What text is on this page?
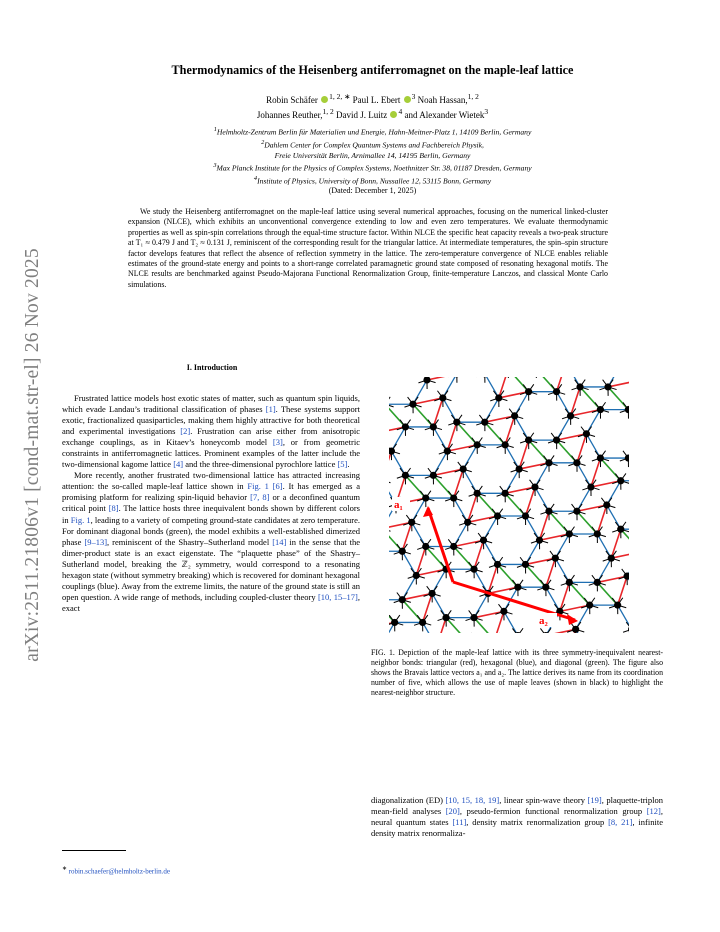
arXiv:2511.21806v1 [cond-mat.str-el] 26 Nov 2025
Thermodynamics of the Heisenberg antiferromagnet on the maple-leaf lattice
Robin Schäfer $^{1, 2, ∗}$ Paul L. Ebert $^3$ Noah Hassan,$^{1, 2}$
Johannes Reuther,$^{1, 2}$ David J. Luitz $^4$ and Alexander Wietek$^3$
$^1$Helmholtz-Zentrum Berlin für Materialien und Energie, Hahn-Meitner-Platz 1, 14109 Berlin, Germany
$^2$Dahlem Center for Complex Quantum Systems and Fachbereich Physik,
Freie Universität Berlin, Arnimallee 14, 14195 Berlin, Germany
$^3$Max Planck Institute for the Physics of Complex Systems, Noethnitzer Str. 38, 01187 Dresden, Germany
$^4$Institute of Physics, University of Bonn, Nussallee 12, 53115 Bonn, Germany
(Dated: December 1, 2025)
We study the Heisenberg antiferromagnet on the maple-leaf lattice using several numerical approaches, focusing on the numerical linked-cluster expansion (NLCE), which exhibits an unconventional convergence extending to low and even zero temperatures. We evaluate thermodynamic properties as well as spin-spin correlations through the equal-time structure factor. Within NLCE the specific heat capacity reveals a two-peak structure at T₁ ≈ 0.479 J and T₂ ≈ 0.131 J, reminiscent of the corresponding result for the triangular lattice. At intermediate temperatures, the spin–spin structure factor develops features that reflect the absence of reflection symmetry in the lattice. The zero-temperature convergence of NLCE enables reliable estimates of the ground-state energy and points to a short-range correlated paramagnetic ground state composed of resonating hexagonal motifs. The NLCE results are benchmarked against Pseudo-Majorana Functional Renormalization Group, finite-temperature Lanczos, and classical Monte Carlo simulations.
I. Introduction

Frustrated lattice models host exotic states of matter, such as quantum spin liquids, which evade Landau’s traditional classification of phases [1]. These systems support exotic, fractionalized quasiparticles, making them highly attractive for both theoretical and experimental investigations [2]. Frustration can arise either from anisotropic exchange couplings, as in Kitaev’s honeycomb model [3], or from geometric constraints in antiferromagnetic lattices. Prominent examples of the latter include the two-dimensional kagome lattice [4] and the three-dimensional pyrochlore lattice [5].

More recently, another frustrated two-dimensional lattice has attracted increasing attention: the so-called maple-leaf lattice shown in Fig. 1 [6]. It has emerged as a promising platform for realizing spin-liquid behavior [7, 8] or a deconfined quantum critical point [8]. The lattice hosts three inequivalent bonds shown by different colors in Fig. 1, leading to a variety of competing ground-state candidates at zero temperature. For dominant diagonal bonds (green), the model exhibits a well-established dimerized phase [9–13], reminiscent of the Shastry–Sutherland model [14] in the sense that the dimer-product state is an exact eigenstate. The “plaquette phase” of the Shastry–Sutherland model, breaking the ℤ₂ symmetry, would correspond to a resonating hexagon state (without symmetry breaking) which is recovered for dominant hexagonal couplings (blue). Away from the extreme limits, the nature of the ground state is still an open question. A wide range of methods, including coupled-cluster theory [10, 15–17], exact

∗ robin.schaefer@helmholtz-berlin.de
a₁
a₂
FIG. 1. Depiction of the maple-leaf lattice with its three symmetry-inequivalent nearest-neighbor bonds: triangular (red), hexagonal (blue), and diagonal (green). The figure also shows the Bravais lattice vectors a₁ and a₂. The lattice derives its name from its coordination number of five, which allows the use of maple leaves (shown in black) to highlight the nearest-neighbor structure.

diagonalization (ED) [10, 15, 18, 19], linear spin-wave theory [19], plaquette-triplon mean-field analyses [20], pseudo-fermion functional renormalization group [12], neural quantum states [11], density matrix renormalization group [8, 21], infinite density matrix renormaliza-
